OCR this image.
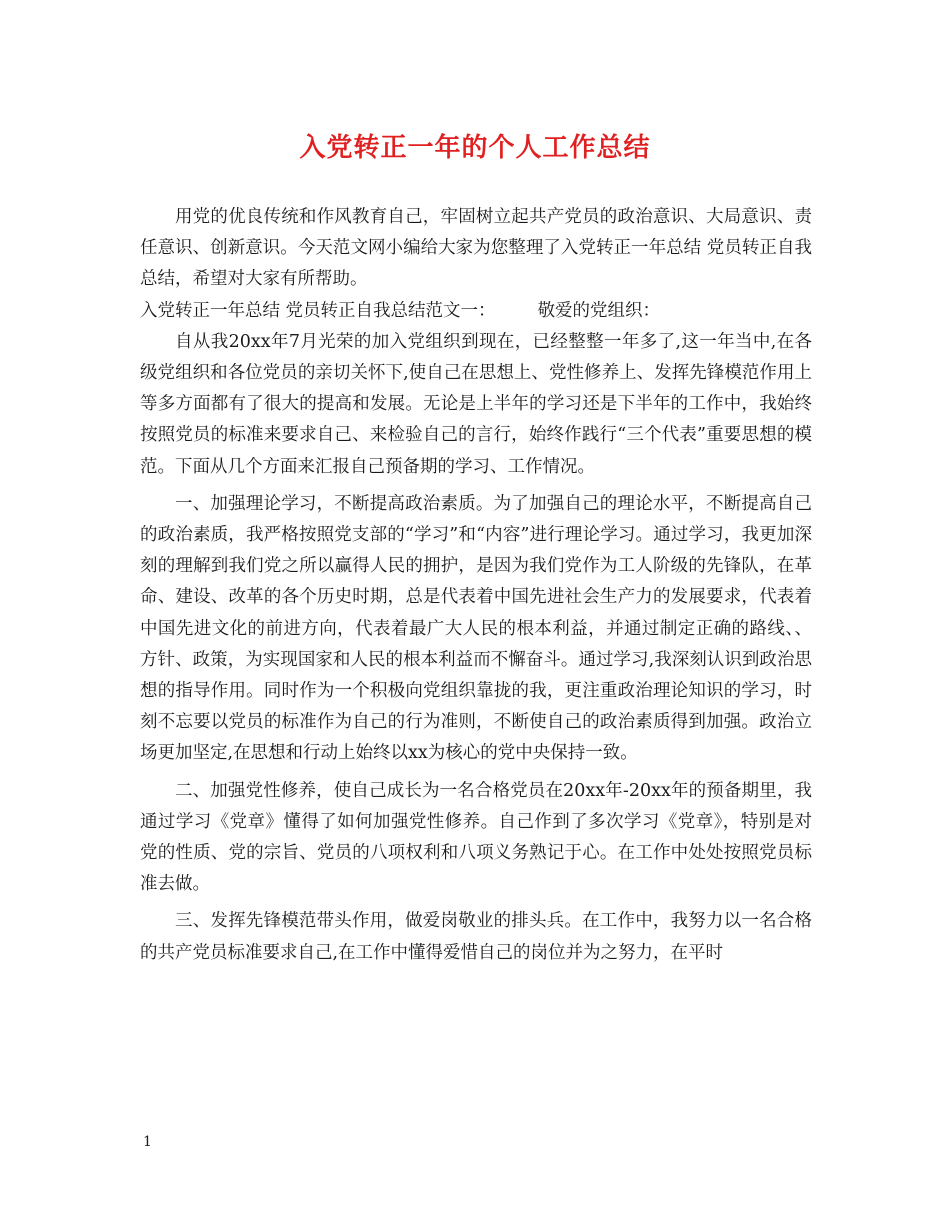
入党转正一年的个人工作总结

用党的优良传统和作风教育自己，牢固树立起共产党员的政治意识、大局意识、责任意识、创新意识。今天范文网小编给大家为您整理了入党转正一年总结 党员转正自我总结，希望对大家有所帮助。

入党转正一年总结 党员转正自我总结范文一： 敬爱的党组织：

自从我20xx年7月光荣的加入党组织到现在，已经整整一年多了,这一年当中,在各级党组织和各位党员的亲切关怀下,使自己在思想上、党性修养上、发挥先锋模范作用上等多方面都有了很大的提高和发展。无论是上半年的学习还是下半年的工作中，我始终按照党员的标准来要求自己、来检验自己的言行，始终作践行“三个代表”重要思想的模范。下面从几个方面来汇报自己预备期的学习、工作情况。

一、加强理论学习，不断提高政治素质。为了加强自己的理论水平，不断提高自己的政治素质，我严格按照党支部的“学习”和“内容”进行理论学习。通过学习，我更加深刻的理解到我们党之所以赢得人民的拥护，是因为我们党作为工人阶级的先锋队，在革命、建设、改革的各个历史时期，总是代表着中国先进社会生产力的发展要求，代表着中国先进文化的前进方向，代表着最广大人民的根本利益，并通过制定正确的路线、、方针、政策，为实现国家和人民的根本利益而不懈奋斗。通过学习,我深刻认识到政治思想的指导作用。同时作为一个积极向党组织靠拢的我，更注重政治理论知识的学习，时刻不忘要以党员的标准作为自己的行为准则，不断使自己的政治素质得到加强。政治立场更加坚定,在思想和行动上始终以xx为核心的党中央保持一致。

二、加强党性修养，使自己成长为一名合格党员在20xx年-20xx年的预备期里，我通过学习《党章》懂得了如何加强党性修养。自己作到了多次学习《党章》，特别是对党的性质、党的宗旨、党员的八项权利和八项义务熟记于心。在工作中处处按照党员标准去做。

三、发挥先锋模范带头作用，做爱岗敬业的排头兵。在工作中，我努力以一名合格的共产党员标准要求自己,在工作中懂得爱惜自己的岗位并为之努力，在平时

1
